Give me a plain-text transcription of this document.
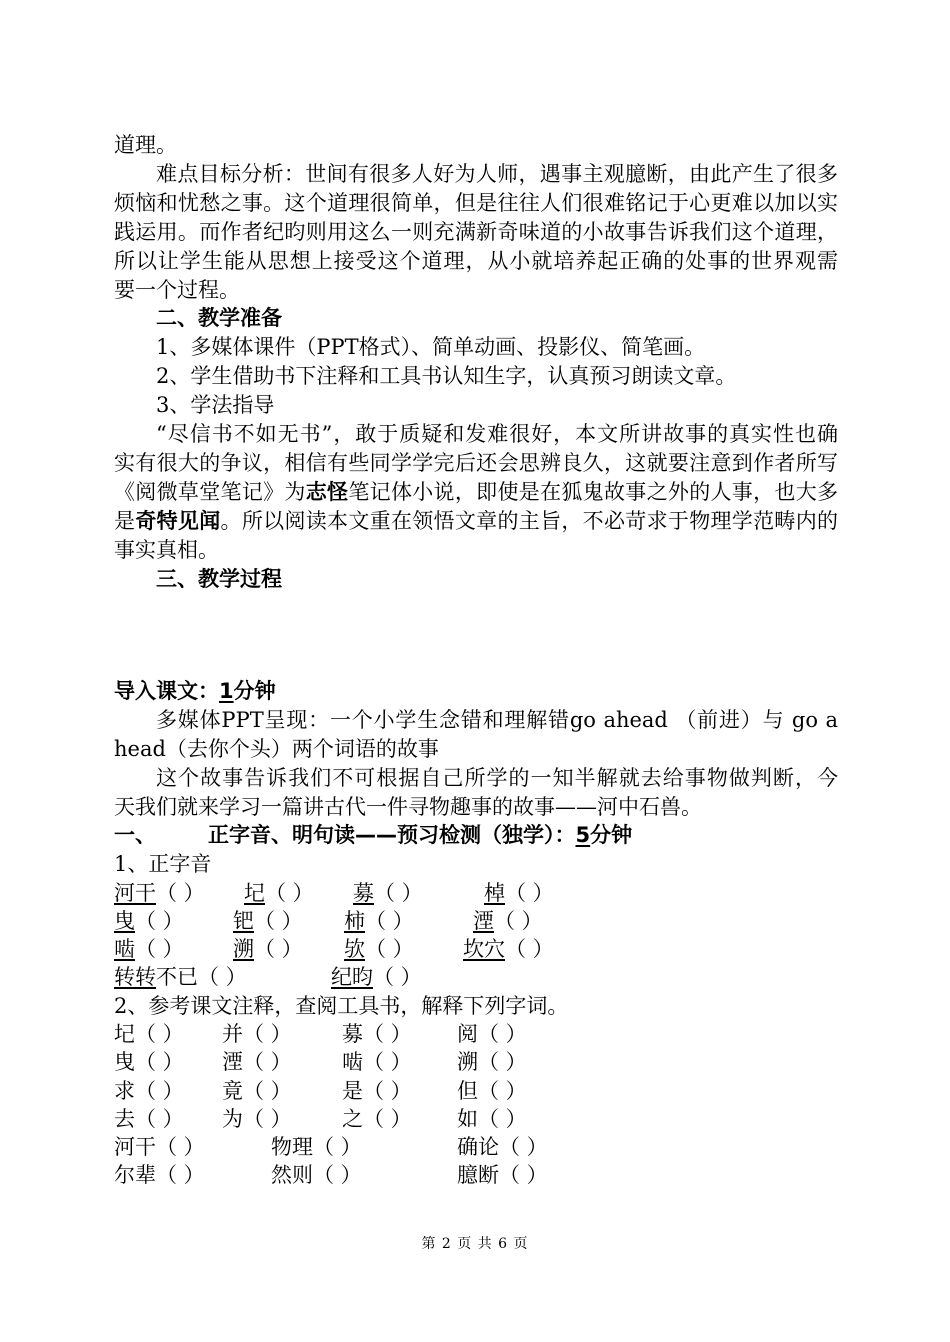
道理。
难点目标分析：世间有很多人好为人师，遇事主观臆断，由此产生了很多
烦恼和忧愁之事。这个道理很简单，但是往往人们很难铭记于心更难以加以实
践运用。而作者纪昀则用这么一则充满新奇味道的小故事告诉我们这个道理，
所以让学生能从思想上接受这个道理，从小就培养起正确的处事的世界观需
要一个过程。
二、教学准备
1、多媒体课件（PPT格式）、简单动画、投影仪、简笔画。
2、学生借助书下注释和工具书认知生字，认真预习朗读文章。
3、学法指导
“尽信书不如无书”，敢于质疑和发难很好，本文所讲故事的真实性也确
实有很大的争议，相信有些同学学完后还会思辨良久，这就要注意到作者所写
《阅微草堂笔记》为志怪笔记体小说，即使是在狐鬼故事之外的人事，也大多
是奇特见闻。所以阅读本文重在领悟文章的主旨，不必苛求于物理学范畴内的
事实真相。
三、教学过程
导入课文：1分钟
多媒体PPT呈现：一个小学生念错和理解错go ahead （前进）与 go a
head（去你个头）两个词语的故事
这个故事告诉我们不可根据自己所学的一知半解就去给事物做判断，今
天我们就来学习一篇讲古代一件寻物趣事的故事——河中石兽。
一、 正字音、明句读——预习检测（独学）：5分钟
1、正字音
河干（ ） 圮（ ） 募（ ）	棹（ ）
曳（ ） 钯（ ） 柿（ ）	湮（ ）
啮（ ） 溯（ ） 欤（ ） 坎穴（ ）
转转不已（ ）	纪昀（ ）
2、参考课文注释，查阅工具书，解释下列字词。
圮（ ） 并（ ） 募（ ） 阅（ ）
曳（ ） 湮（ ） 啮（ ） 溯（ ）
求（ ） 竟（ ） 是（ ） 但（ ）
去（ ） 为（ ） 之（ ） 如（ ）
河干（ ）	物理（ ）	确论（ ）
尔辈（ ）	然则（ ）	臆断（ ）
第 2 页 共 6 页
